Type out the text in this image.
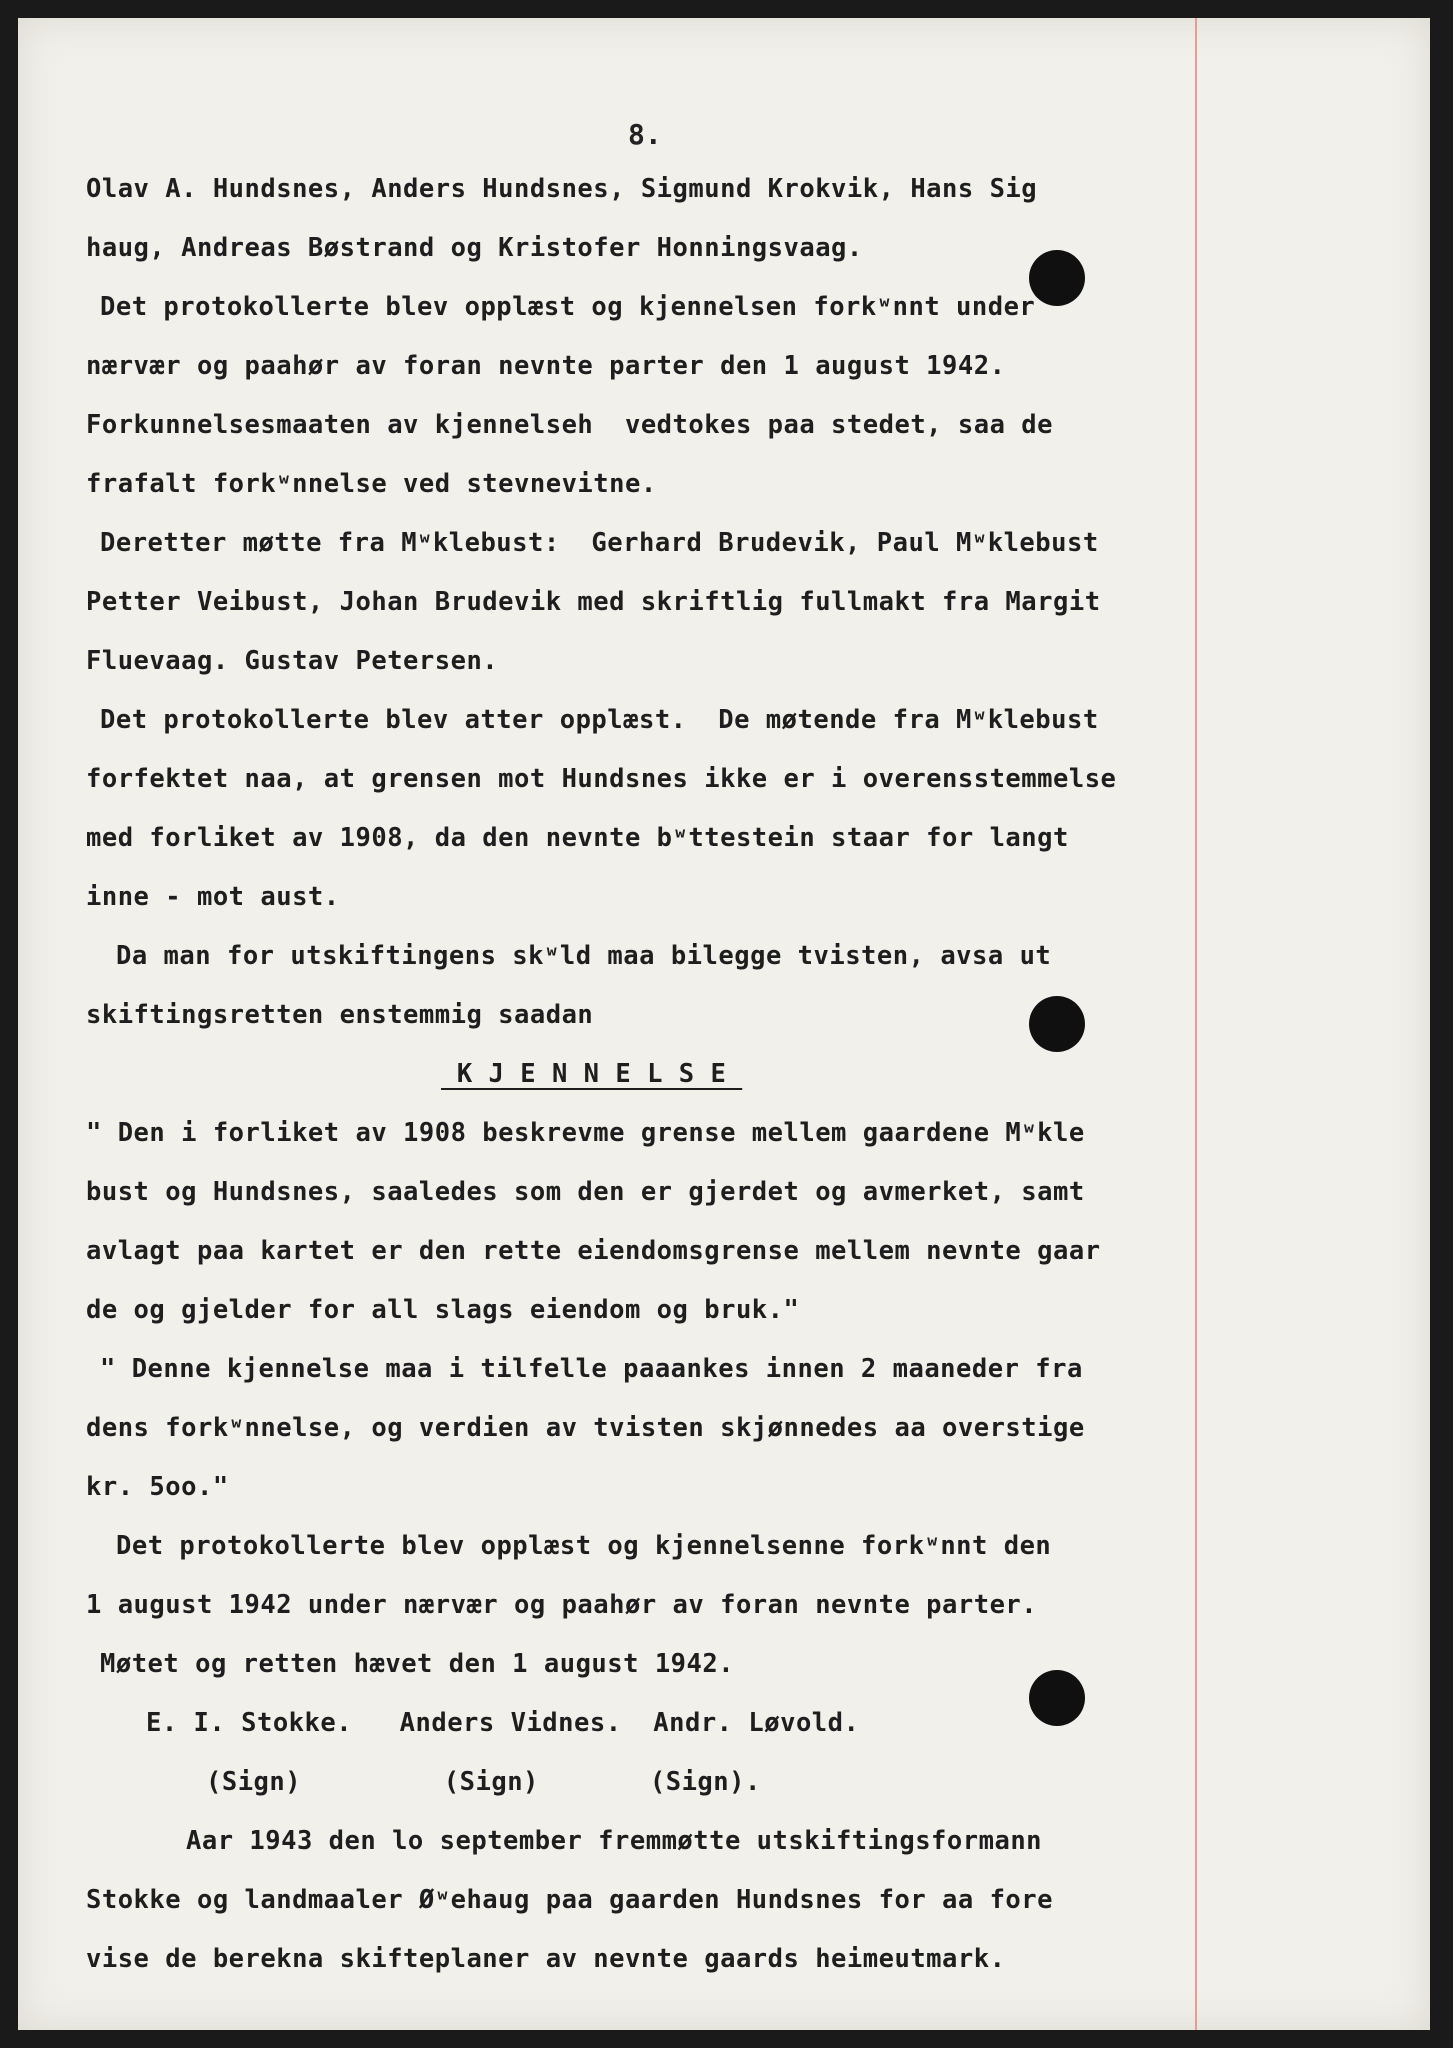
8.
Olav A. Hundsnes, Anders Hundsnes, Sigmund Krokvik, Hans Sig
haug, Andreas Bøstrand og Kristofer Honningsvaag.
Det protokollerte blev opplæst og kjennelsen forkʷnnt under
nærvær og paahør av foran nevnte parter den 1 august 1942.
Forkunnelsesmaaten av kjennelseh  vedtokes paa stedet, saa de
frafalt forkʷnnelse ved stevnevitne.
Deretter møtte fra Mʷklebust:  Gerhard Brudevik, Paul Mʷklebust
Petter Veibust, Johan Brudevik med skriftlig fullmakt fra Margit
Fluevaag. Gustav Petersen.
Det protokollerte blev atter opplæst.  De møtende fra Mʷklebust
forfektet naa, at grensen mot Hundsnes ikke er i overensstemmelse
med forliket av 1908, da den nevnte bʷttestein staar for langt
inne - mot aust.
Da man for utskiftingens skʷld maa bilegge tvisten, avsa ut
skiftingsretten enstemmig saadan
K J E N N E L S E
" Den i forliket av 1908 beskrevme grense mellem gaardene Mʷkle
bust og Hundsnes, saaledes som den er gjerdet og avmerket, samt
avlagt paa kartet er den rette eiendomsgrense mellem nevnte gaar
de og gjelder for all slags eiendom og bruk."
" Denne kjennelse maa i tilfelle paaankes innen 2 maaneder fra
dens forkʷnnelse, og verdien av tvisten skjønnedes aa overstige
kr. 5oo."
Det protokollerte blev opplæst og kjennelsenne forkʷnnt den
1 august 1942 under nærvær og paahør av foran nevnte parter.
Møtet og retten hævet den 1 august 1942.
E. I. Stokke.   Anders Vidnes.  Andr. Løvold.
(Sign)         (Sign)       (Sign).
Aar 1943 den lo september fremmøtte utskiftingsformann
Stokke og landmaaler Øʷehaug paa gaarden Hundsnes for aa fore
vise de berekna skifteplaner av nevnte gaards heimeutmark.
